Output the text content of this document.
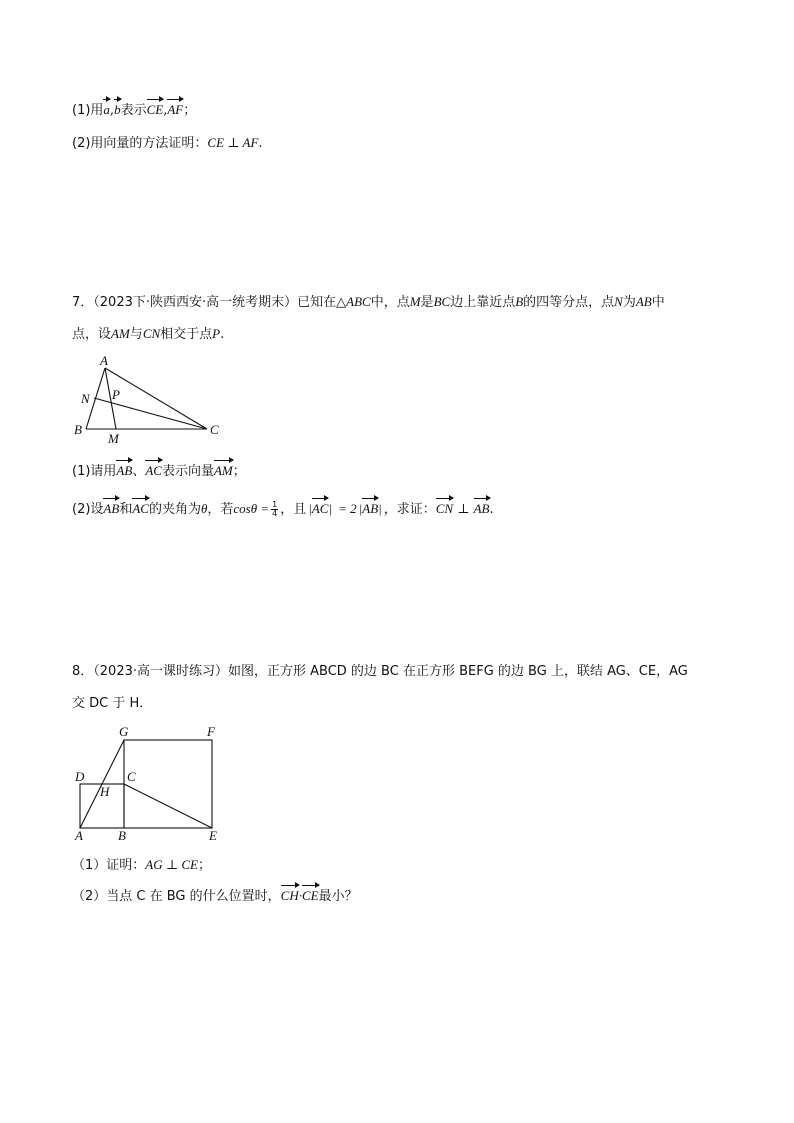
(1)用a,b表示CE,AF；
(2)用向量的方法证明：CE ⊥ AF.
7．（2023下·陕西西安·高一统考期末）已知在△ABC中，点M是BC边上靠近点B的四等分点，点N为AB中
点，设AM与CN相交于点P.
A
B	C
M
N P
(1)请用AB、AC表示向量AM；
(2)设AB和AC的夹角为θ，若$\cos\theta = \frac{1}{4}$ ，且 |AC| = 2 |AB| ，求证：CN ⊥ AB.
8．（2023·高一课时练习）如图，正方形 ABCD 的边 BC 在正方形 BEFG 的边 BG 上，联结 AG、CE，AG
交 DC 于 H．
A	B
C
D
E
F
G
H
（1）证明：AG ⊥ CE；
（2）当点 C 在 BG 的什么位置时，CH·CE最小？
